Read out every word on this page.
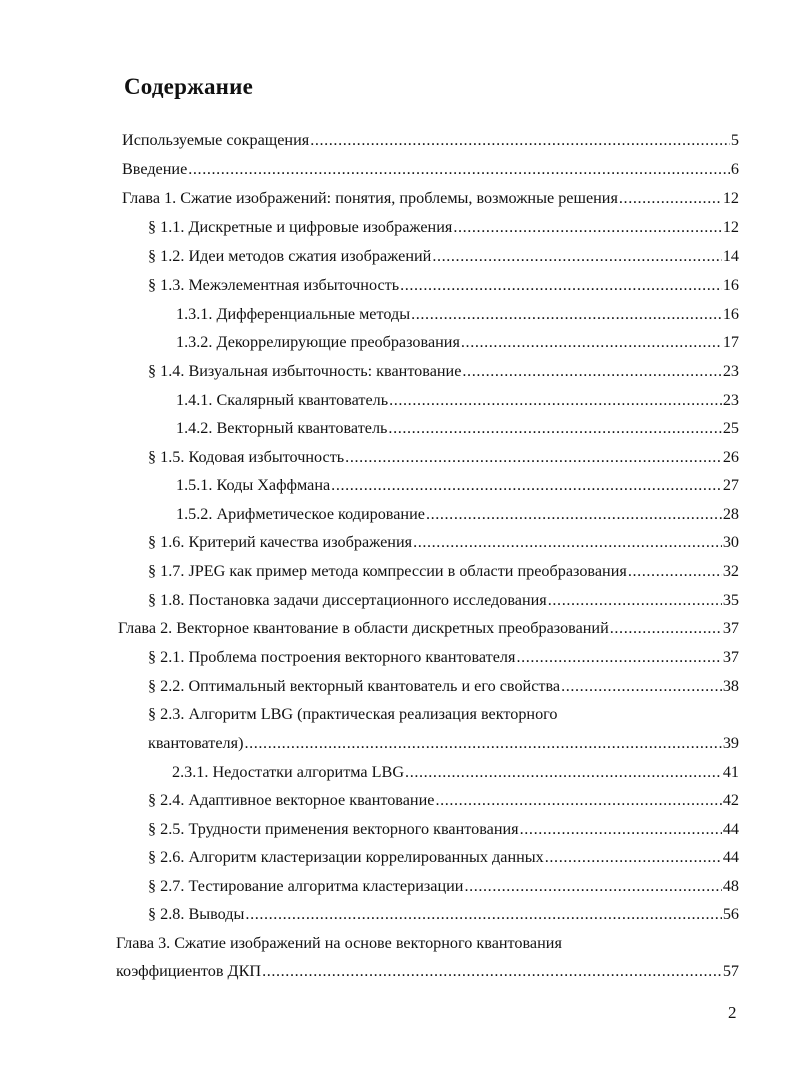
Содержание
Используемые сокращения .....	5
Введение .....	6
Глава 1. Сжатие изображений: понятия, проблемы, возможные решения .....	12
§ 1.1. Дискретные и цифровые изображения .....	12
§ 1.2. Идеи методов сжатия изображений .....	14
§ 1.3. Межэлементная избыточность .....	16
1.3.1. Дифференциальные методы .....	16
1.3.2. Декоррелирующие преобразования .....	17
§ 1.4. Визуальная избыточность: квантование .....	23
1.4.1. Скалярный квантователь .....	23
1.4.2. Векторный квантователь .....	25
§ 1.5. Кодовая избыточность .....	26
1.5.1. Коды Хаффмана .....	27
1.5.2. Арифметическое кодирование .....	28
§ 1.6. Критерий качества изображения .....	30
§ 1.7. JPEG как пример метода компрессии в области преобразования .....	32
§ 1.8. Постановка задачи диссертационного исследования .....	35
Глава 2. Векторное квантование в области дискретных преобразований .....	37
§ 2.1. Проблема построения векторного квантователя .....	37
§ 2.2. Оптимальный векторный квантователь и его свойства .....	38
§ 2.3. Алгоритм LBG (практическая реализация векторного
квантователя) .....	39
2.3.1. Недостатки алгоритма LBG .....	41
§ 2.4. Адаптивное векторное квантование .....	42
§ 2.5. Трудности применения векторного квантования .....	44
§ 2.6. Алгоритм кластеризации коррелированных данных .....	44
§ 2.7. Тестирование алгоритма кластеризации .....	48
§ 2.8. Выводы .....	56
Глава 3. Сжатие изображений на основе векторного квантования
коэффициентов ДКП .....	57
2
